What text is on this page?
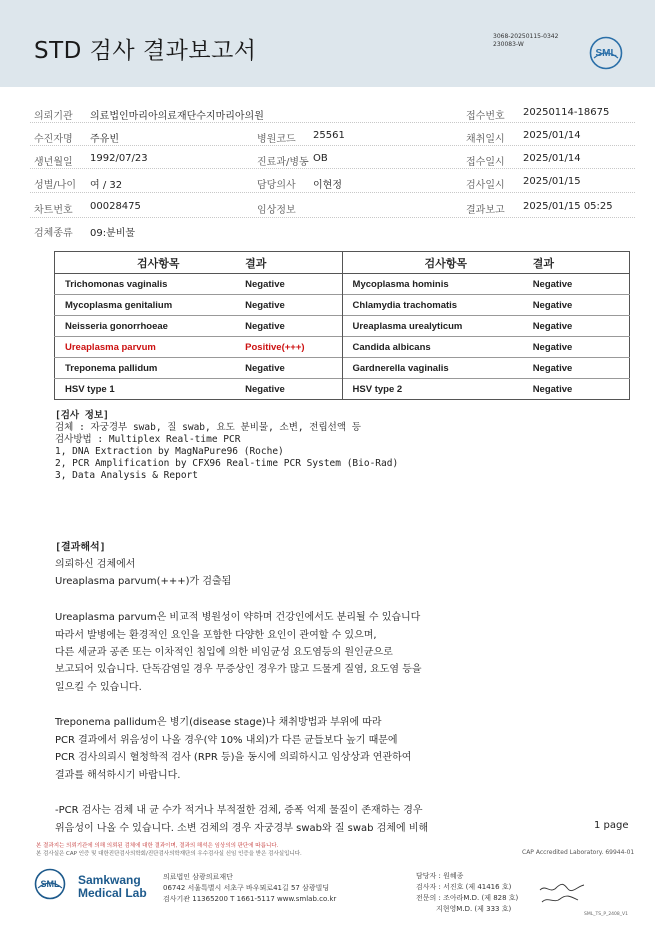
STD 검사 결과보고서
3068-20250115-0342
230083-W
SML
의뢰기관 의료법인마리아의료재단수지마리아의원	접수번호 20250114-18675
수진자명 주유빈	병원코드 25561	채취일시 2025/01/14
생년월일 1992/07/23	진료과/병동 OB	접수일시 2025/01/14
성별/나이 여 / 32	담당의사 이현정	검사일시 2025/01/15
차트번호 00028475	임상정보	결과보고 2025/01/15 05:25
검체종류 09:분비물
검사항목	결과	검사항목	결과
Trichomonas vaginalis	Negative	Mycoplasma hominis	Negative
Mycoplasma genitalium	Negative	Chlamydia trachomatis	Negative
Neisseria gonorrhoeae	Negative	Ureaplasma urealyticum	Negative
Ureaplasma parvum	Positive(+++)	Candida albicans	Negative
Treponema pallidum	Negative	Gardnerella vaginalis	Negative
HSV type 1	Negative	HSV type 2	Negative
[검사 정보]
검체 : 자궁경부 swab, 질 swab, 요도 분비물, 소변, 전립선액 등
검사방법 : Multiplex Real-time PCR
1, DNA Extraction by MagNaPure96 (Roche)
2, PCR Amplification by CFX96 Real-time PCR System (Bio-Rad)
3, Data Analysis & Report
[결과해석]
의뢰하신 검체에서
Ureaplasma parvum(+++)가 검출됨
Ureaplasma parvum은 비교적 병원성이 약하며 건강인에서도 분리될 수 있습니다
따라서 발병에는 환경적인 요인을 포함한 다양한 요인이 관여할 수 있으며,
다른 세균과 공존 또는 이차적인 침입에 의한 비임균성 요도염등의 원인균으로
보고되어 있습니다. 단독감염일 경우 무증상인 경우가 많고 드물게 질염, 요도염 등을
일으킬 수 있습니다.
Treponema pallidum은 병기(disease stage)나 채취방법과 부위에 따라
PCR 결과에서 위음성이 나올 경우(약 10% 내외)가 다른 균들보다 높기 때문에
PCR 검사의뢰시 혈청학적 검사 (RPR 등)을 동시에 의뢰하시고 임상상과 연관하여
결과를 해석하시기 바랍니다.
-PCR 검사는 검체 내 균 수가 적거나 부적절한 검체, 증폭 억제 물질이 존재하는 경우
위음성이 나올 수 있습니다. 소변 검체의 경우 자궁경부 swab와 질 swab 검체에 비해	1 page
본 결과지는 의뢰기관에 의해 의뢰된 검체에 대한 결과이며, 결과의 해석은 임상의의 판단에 따릅니다.
본 검사실은 CAP 인증 및 대한진단검사의학회/진단검사의학재단의 우수검사실 신임 인증을 받은 검사실입니다.	CAP Accredited Laboratory. 69944-01
SML Samkwang
Medical Lab
의료법인 삼광의료재단
06742 서울특별시 서초구 바우뫼로41길 57 삼광빌딩
검사기관 11365200 T 1661-5117 www.smlab.co.kr
담당자 : 원혜종
검사자 : 서진호 (제 41416 호)
전문의 : 조아라M.D. (제 828 호)
지현영M.D. (제 333 호)
SML_TS_P_2408_V1
